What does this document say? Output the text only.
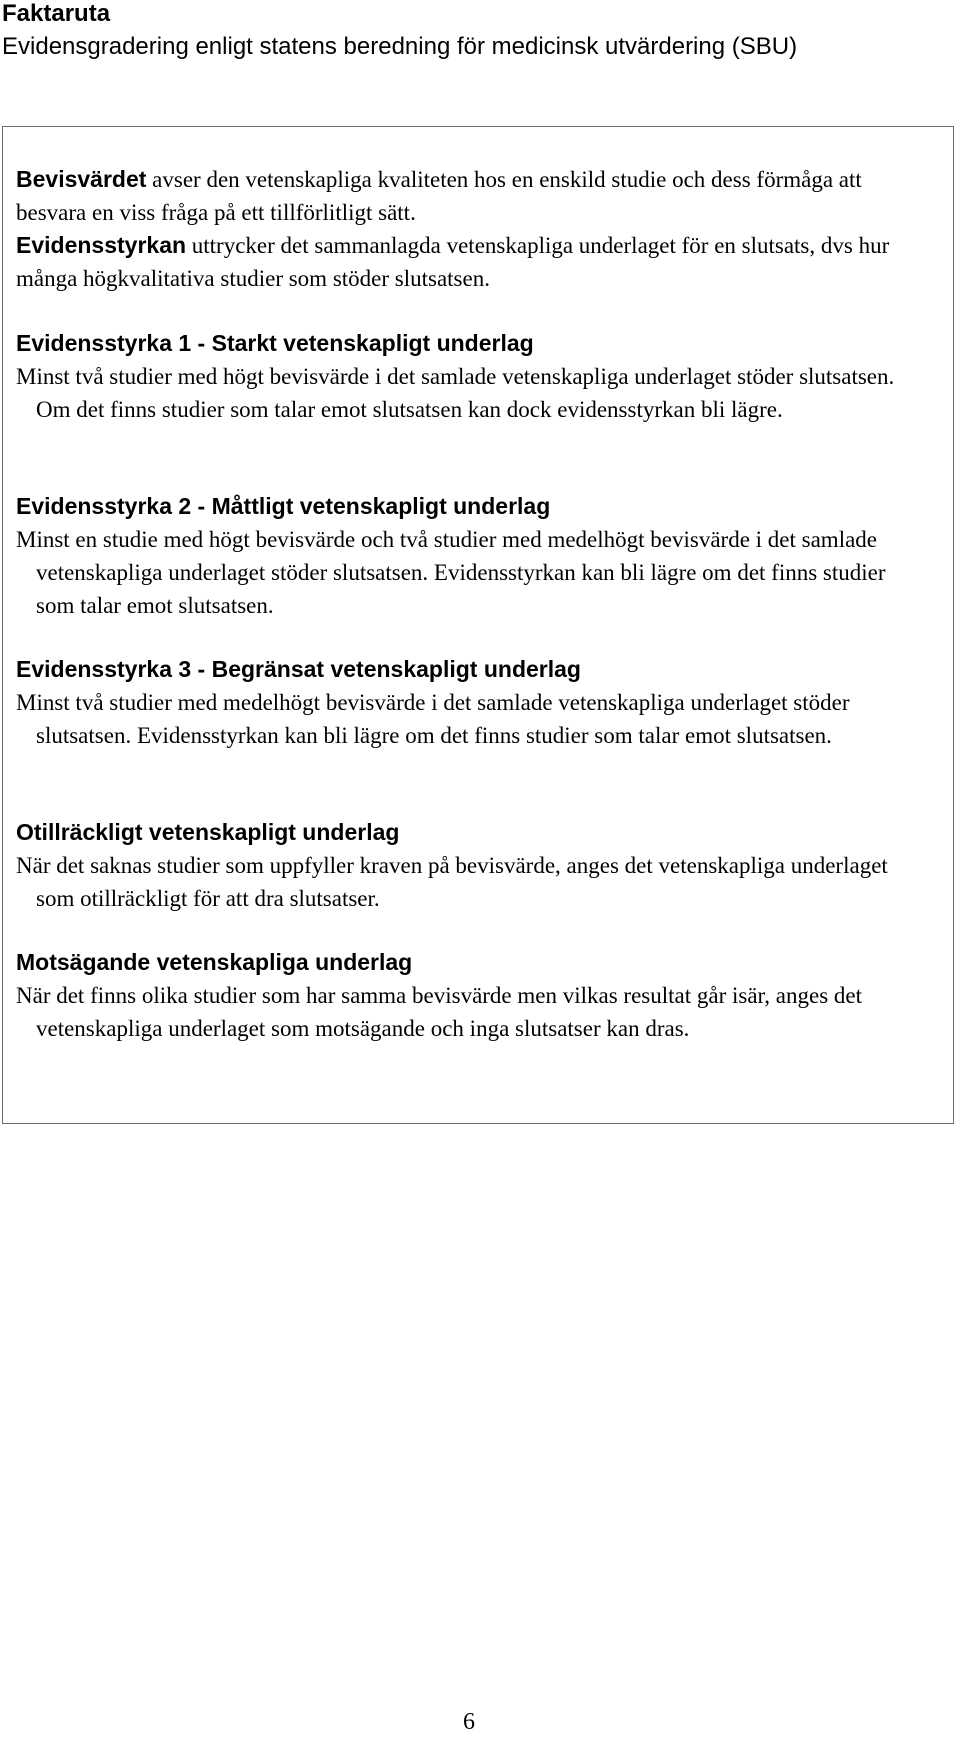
Faktaruta

Evidensgradering enligt statens beredning för medicinsk utvärdering (SBU)

Bevisvärdet avser den vetenskapliga kvaliteten hos en enskild studie och dess förmåga att besvara en viss fråga på ett tillförlitligt sätt.

Evidensstyrkan uttrycker det sammanlagda vetenskapliga underlaget för en slutsats, dvs hur många högkvalitativa studier som stöder slutsatsen.

Evidensstyrka 1 - Starkt vetenskapligt underlag
Minst två studier med högt bevisvärde i det samlade vetenskapliga underlaget stöder slutsatsen. Om det finns studier som talar emot slutsatsen kan dock evidensstyrkan bli lägre.
Evidensstyrka 2 - Måttligt vetenskapligt underlag
Minst en studie med högt bevisvärde och två studier med medelhögt bevisvärde i det samlade vetenskapliga underlaget stöder slutsatsen. Evidensstyrkan kan bli lägre om det finns studier som talar emot slutsatsen.
Evidensstyrka 3 - Begränsat vetenskapligt underlag
Minst två studier med medelhögt bevisvärde i det samlade vetenskapliga underlaget stöder slutsatsen. Evidensstyrkan kan bli lägre om det finns studier som talar emot slutsatsen.
Otillräckligt vetenskapligt underlag
När det saknas studier som uppfyller kraven på bevisvärde, anges det vetenskapliga underlaget som otillräckligt för att dra slutsatser.
Motsägande vetenskapliga underlag
När det finns olika studier som har samma bevisvärde men vilkas resultat går isär, anges det vetenskapliga underlaget som motsägande och inga slutsatser kan dras.

6
